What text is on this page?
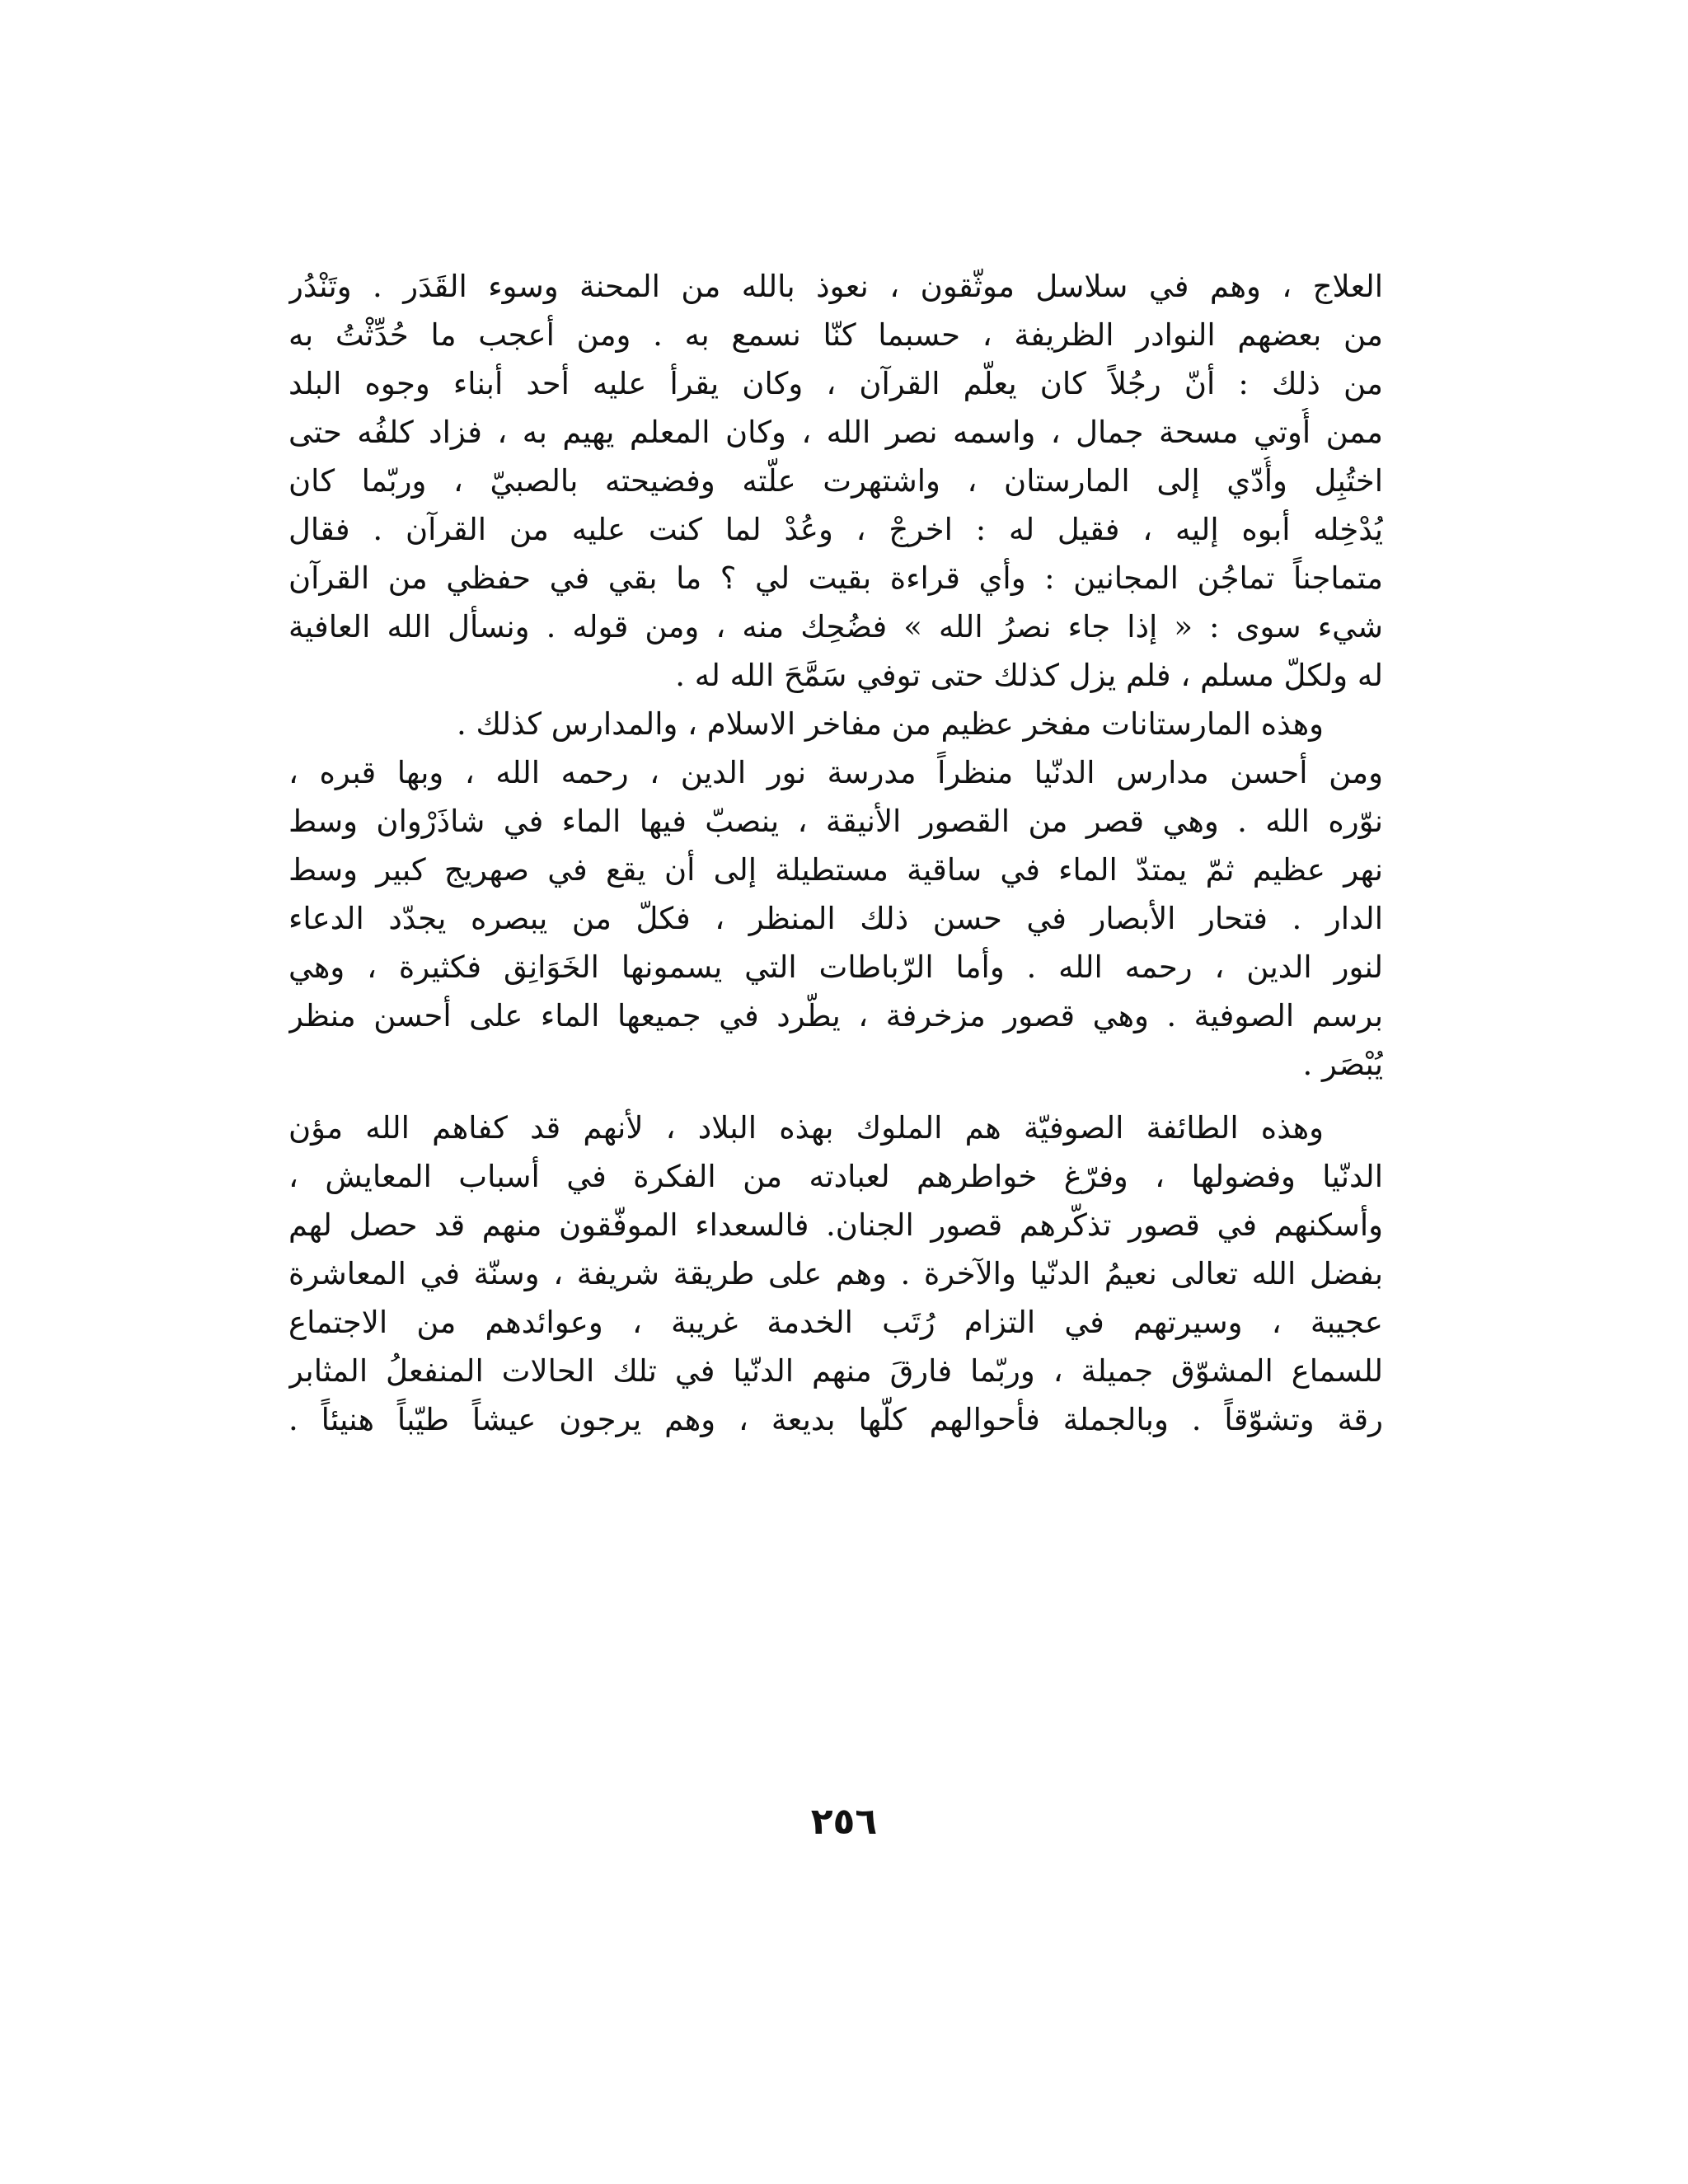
العلاج ، وهم في سلاسل موثّقون ، نعوذ بالله من المحنة وسوء القَدَر . وتَنْدُر
من بعضهم النوادر الظريفة ، حسبما كنّا نسمع به . ومن أعجب ما حُدِّثْتُ به
من ذلك : أنّ رجُلاً كان يعلّم القرآن ، وكان يقرأ عليه أحد أبناء وجوه البلد
ممن أُوتي مسحة جمال ، واسمه نصر الله ، وكان المعلم يهيم به ، فزاد كلفُه حتى
اختُبِل وأُدّي إلى المارستان ، واشتهرت علّته وفضيحته بالصبيّ ، وربّما كان
يُدْخِله أبوه إليه ، فقيل له : اخرجْ ، وعُدْ لما كنت عليه من القرآن . فقال
متماجناً تماجُن المجانين : وأي قراءة بقيت لي ؟ ما بقي في حفظي من القرآن
شيء سوى : « إذا جاء نصرُ الله » فضُحِك منه ، ومن قوله . ونسأل الله العافية
له ولكلّ مسلم ، فلم يزل كذلك حتى توفي سَمَّحَ الله له .
وهذه المارستانات مفخر عظيم من مفاخر الاسلام ، والمدارس كذلك .
ومن أحسن مدارس الدنّيا منظراً مدرسة نور الدين ، رحمه الله ، وبها قبره ،
نوّره الله . وهي قصر من القصور الأنيقة ، ينصبّ فيها الماء في شاذَرْوان وسط
نهر عظيم ثمّ يمتدّ الماء في ساقية مستطيلة إلى أن يقع في صهريج كبير وسط
الدار . فتحار الأبصار في حسن ذلك المنظر ، فكلّ من يبصره يجدّد الدعاء
لنور الدين ، رحمه الله . وأما الرّباطات التي يسمونها الخَوَانِق فكثيرة ، وهي
برسم الصوفية . وهي قصور مزخرفة ، يطّرد في جميعها الماء على أحسن منظر
يُبْصَر .
وهذه الطائفة الصوفيّة هم الملوك بهذه البلاد ، لأنهم قد كفاهم الله مؤن
الدنّيا وفضولها ، وفرّغ خواطرهم لعبادته من الفكرة في أسباب المعايش ،
وأسكنهم في قصور تذكّرهم قصور الجنان. فالسعداء الموفّقون منهم قد حصل لهم
بفضل الله تعالى نعيمُ الدنّيا والآخرة . وهم على طريقة شريفة ، وسنّة في المعاشرة
عجيبة ، وسيرتهم في التزام رُتَب الخدمة غريبة ، وعوائدهم من الاجتماع
للسماع المشوّق جميلة ، وربّما فارقَ منهم الدنّيا في تلك الحالات المنفعلُ المثابر
رقة وتشوّقاً . وبالجملة فأحوالهم كلّها بديعة ، وهم يرجون عيشاً طيّباً هنيئاً .
٢٥٦
